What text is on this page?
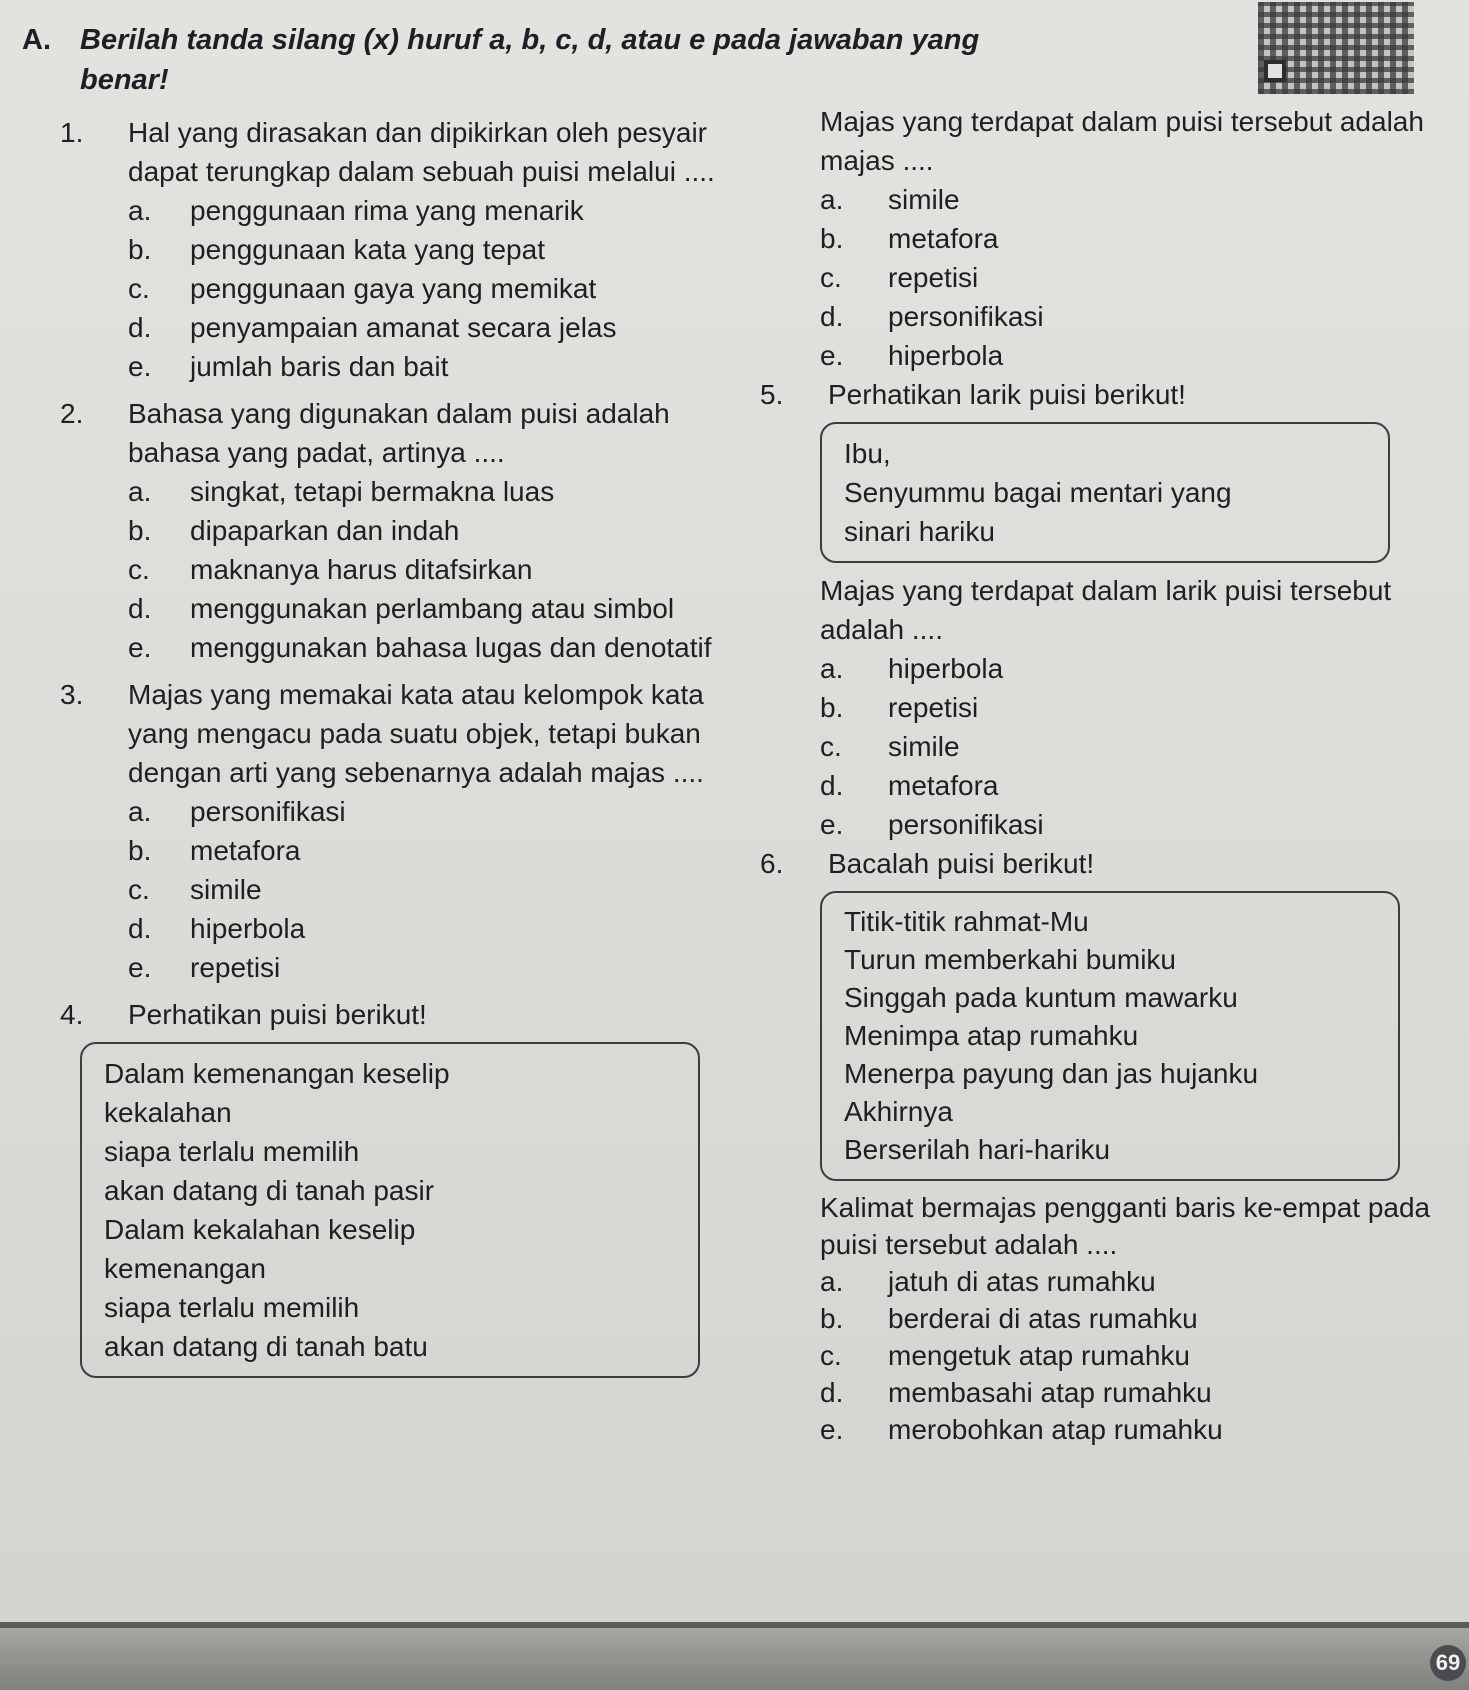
A. Berilah tanda silang (x) huruf a, b, c, d, atau e pada jawaban yang
benar!
1.	Hal yang dirasakan dan dipikirkan oleh pesyair dapat terungkap dalam sebuah puisi melalui ....
a. penggunaan rima yang menarik
b. penggunaan kata yang tepat
c. penggunaan gaya yang memikat
d. penyampaian amanat secara jelas
e. jumlah baris dan bait
2.	Bahasa yang digunakan dalam puisi adalah bahasa yang padat, artinya ....
a. singkat, tetapi bermakna luas
b. dipaparkan dan indah
c. maknanya harus ditafsirkan
d. menggunakan perlambang atau simbol
e. menggunakan bahasa lugas dan denotatif
3.	Majas yang memakai kata atau kelompok kata yang mengacu pada suatu objek, tetapi bukan dengan arti yang sebenarnya adalah majas ....
a. personifikasi
b. metafora
c. simile
d. hiperbola
e. repetisi
4.	Perhatikan puisi berikut!
Dalam kemenangan keselip
kekalahan
siapa terlalu memilih
akan datang di tanah pasir
Dalam kekalahan keselip
kemenangan
siapa terlalu memilih
akan datang di tanah batu
Majas yang terdapat dalam puisi tersebut adalah majas ....
a. simile
b. metafora
c. repetisi
d. personifikasi
e. hiperbola
5.	Perhatikan larik puisi berikut!
Ibu,
Senyummu bagai mentari yang
sinari hariku
Majas yang terdapat dalam larik puisi tersebut adalah ....
a. hiperbola
b. repetisi
c. simile
d. metafora
e. personifikasi
6.	Bacalah puisi berikut!
Titik-titik rahmat-Mu
Turun memberkahi bumiku
Singgah pada kuntum mawarku
Menimpa atap rumahku
Menerpa payung dan jas hujanku
Akhirnya
Berserilah hari-hariku
Kalimat bermajas pengganti baris ke-empat pada puisi tersebut adalah ....
a. jatuh di atas rumahku
b. berderai di atas rumahku
c. mengetuk atap rumahku
d. membasahi atap rumahku
e. merobohkan atap rumahku
69
